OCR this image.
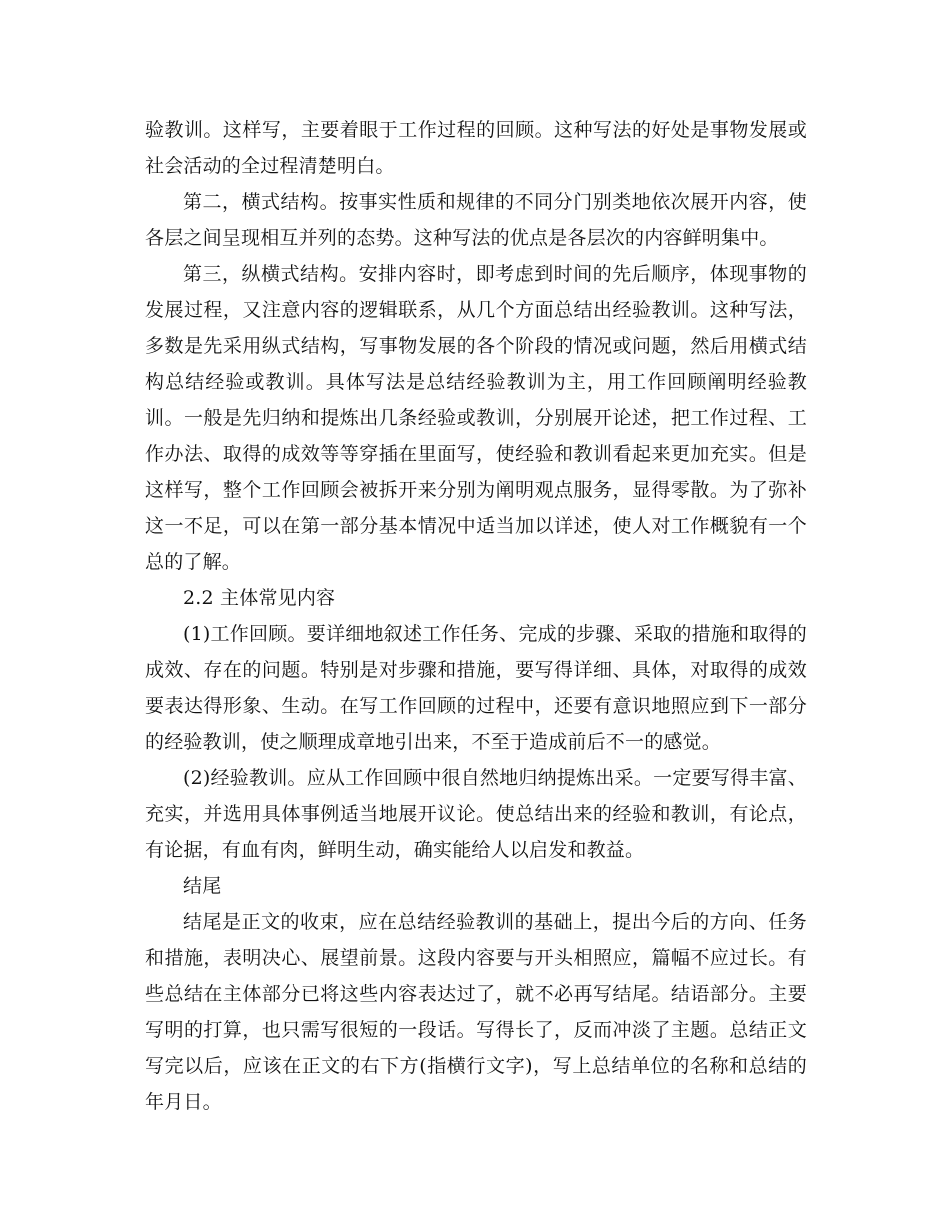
验教训。这样写，主要着眼于工作过程的回顾。这种写法的好处是事物发展或社会活动的全过程清楚明白。

第二，横式结构。按事实性质和规律的不同分门别类地依次展开内容，使各层之间呈现相互并列的态势。这种写法的优点是各层次的内容鲜明集中。

第三，纵横式结构。安排内容时，即考虑到时间的先后顺序，体现事物的发展过程，又注意内容的逻辑联系，从几个方面总结出经验教训。这种写法，多数是先采用纵式结构，写事物发展的各个阶段的情况或问题，然后用横式结构总结经验或教训。具体写法是总结经验教训为主，用工作回顾阐明经验教训。一般是先归纳和提炼出几条经验或教训，分别展开论述，把工作过程、工作办法、取得的成效等等穿插在里面写，使经验和教训看起来更加充实。但是这样写，整个工作回顾会被拆开来分别为阐明观点服务，显得零散。为了弥补这一不足，可以在第一部分基本情况中适当加以详述，使人对工作概貌有一个总的了解。

2.2 主体常见内容

(1)工作回顾。要详细地叙述工作任务、完成的步骤、采取的措施和取得的成效、存在的问题。特别是对步骤和措施，要写得详细、具体，对取得的成效要表达得形象、生动。在写工作回顾的过程中，还要有意识地照应到下一部分的经验教训，使之顺理成章地引出来，不至于造成前后不一的感觉。

(2)经验教训。应从工作回顾中很自然地归纳提炼出采。一定要写得丰富、充实，并选用具体事例适当地展开议论。使总结出来的经验和教训，有论点，有论据，有血有肉，鲜明生动，确实能给人以启发和教益。

结尾

结尾是正文的收束，应在总结经验教训的基础上，提出今后的方向、任务和措施，表明决心、展望前景。这段内容要与开头相照应，篇幅不应过长。有些总结在主体部分已将这些内容表达过了，就不必再写结尾。结语部分。主要写明的打算，也只需写很短的一段话。写得长了，反而冲淡了主题。总结正文写完以后，应该在正文的右下方(指横行文字)，写上总结单位的名称和总结的年月日。
